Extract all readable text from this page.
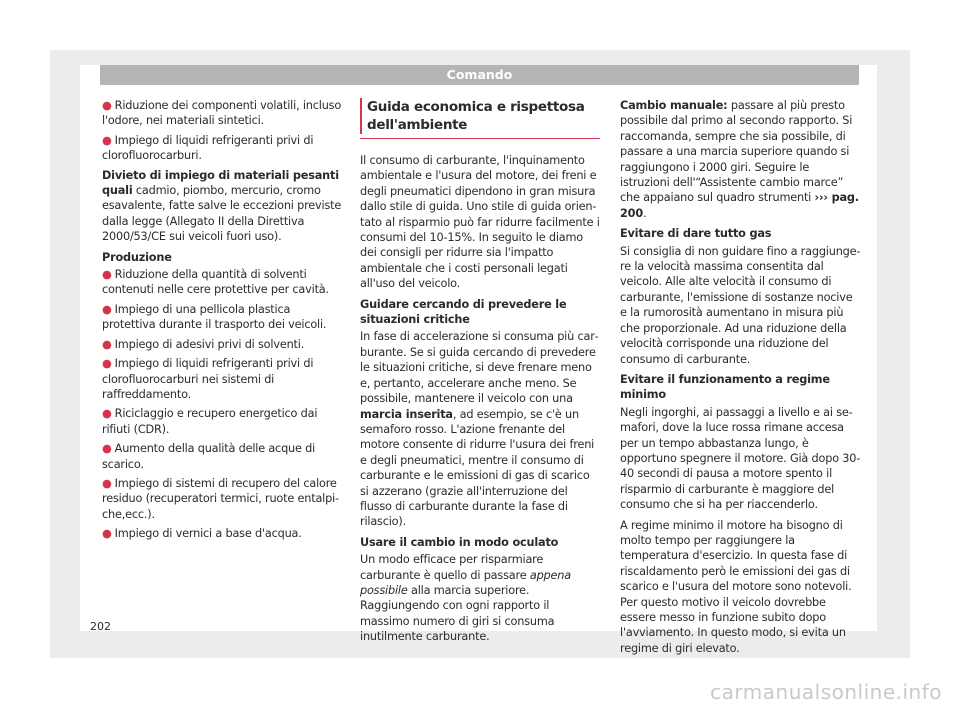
Comando

● Riduzione dei componenti volatili, incluso l'odore, nei materiali sintetici.

● Impiego di liquidi refrigeranti privi di clorofluorocarburi.

Divieto di impiego di materiali pesanti quali cadmio, piombo, mercurio, cromo esavalente, fatte salve le eccezioni previste dalla legge (Allegato II della Direttiva 2000/53/CE sui veicoli fuori uso).

Produzione

● Riduzione della quantità di solventi contenuti nelle cere protettive per cavità.

● Impiego di una pellicola plastica protettiva durante il trasporto dei veicoli.

● Impiego di adesivi privi di solventi.

● Impiego di liquidi refrigeranti privi di clorofluorocarburi nei sistemi di raffreddamento.

● Riciclaggio e recupero energetico dai rifiuti (CDR).

● Aumento della qualità delle acque di scarico.

● Impiego di sistemi di recupero del calore residuo (recuperatori termici, ruote entalpiche,ecc.).

● Impiego di vernici a base d'acqua.

Guida economica e rispettosa dell'ambiente

Il consumo di carburante, l'inquinamento ambientale e l'usura del motore, dei freni e degli pneumatici dipendono in gran misura dallo stile di guida. Uno stile di guida orientato al risparmio può far ridurre facilmente i consumi del 10-15%. In seguito le diamo dei consigli per ridurre sia l'impatto ambientale che i costi personali legati all'uso del veicolo.

Guidare cercando di prevedere le situazioni critiche

In fase di accelerazione si consuma più carburante. Se si guida cercando di prevedere le situazioni critiche, si deve frenare meno e, pertanto, accelerare anche meno. Se possibile, mantenere il veicolo con una marcia inserita, ad esempio, se c'è un semaforo rosso. L'azione frenante del motore consente di ridurre l'usura dei freni e degli pneumatici, mentre il consumo di carburante e le emissioni di gas di scarico si azzerano (grazie all'interruzione del flusso di carburante durante la fase di rilascio).

Usare il cambio in modo oculato

Un modo efficace per risparmiare carburante è quello di passare appena possibile alla marcia superiore. Raggiungendo con ogni rapporto il massimo numero di giri si consuma inutilmente carburante.

Cambio manuale: passare al più presto possibile dal primo al secondo rapporto. Si raccomanda, sempre che sia possibile, di passare a una marcia superiore quando si raggiungono i 2000 giri. Seguire le istruzioni dell'“Assistente cambio marce” che appaiano sul quadro strumenti ››› pag. 200.

Evitare di dare tutto gas

Si consiglia di non guidare fino a raggiungere la velocità massima consentita dal veicolo. Alle alte velocità il consumo di carburante, l'emissione di sostanze nocive e la rumorosità aumentano in misura più che proporzionale. Ad una riduzione della velocità corrisponde una riduzione del consumo di carburante.

Evitare il funzionamento a regime minimo

Negli ingorghi, ai passaggi a livello e ai semafori, dove la luce rossa rimane accesa per un tempo abbastanza lungo, è opportuno spegnere il motore. Già dopo 30-40 secondi di pausa a motore spento il risparmio di carburante è maggiore del consumo che si ha per riaccenderlo.

A regime minimo il motore ha bisogno di molto tempo per raggiungere la temperatura d'esercizio. In questa fase di riscaldamento però le emissioni dei gas di scarico e l'usura del motore sono notevoli. Per questo motivo il veicolo dovrebbe essere messo in funzione subito dopo l'avviamento. In questo modo, si evita un regime di giri elevato.

202
carmanualsonline.info
